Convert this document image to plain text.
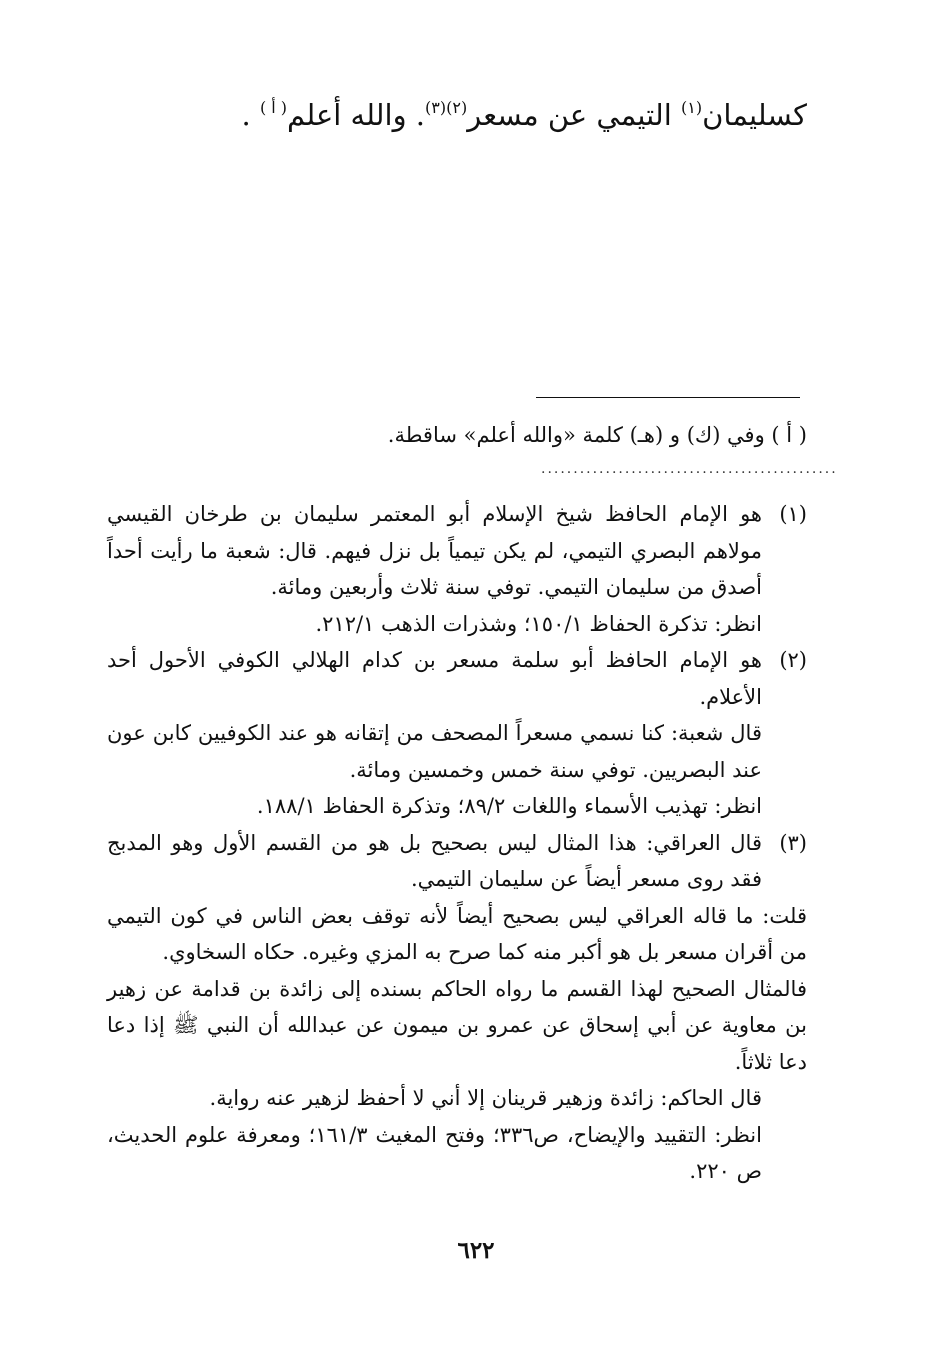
كسليمان$^{(١)}$ التيمي عن مسعر$^{(٢)(٣)}$. والله أعلم$^{( أ )}$ .
( أ ) وفي (ك) و (هـ) كلمة «والله أعلم» ساقطة.
..............................................
(١)

هو الإمام الحافظ شيخ الإسلام أبو المعتمر سليمان بن طرخان القيسي مولاهم البصري التيمي، لم يكن تيمياً بل نزل فيهم. قال: شعبة ما رأيت أحداً أصدق من سليمان التيمي. توفي سنة ثلاث وأربعين ومائة.

انظر: تذكرة الحفاظ ١٥٠/١؛ وشذرات الذهب ٢١٢/١.

(٢)

هو الإمام الحافظ أبو سلمة مسعر بن كدام الهلالي الكوفي الأحول أحد الأعلام.

قال شعبة: كنا نسمي مسعراً المصحف من إتقانه هو عند الكوفيين كابن عون عند البصريين. توفي سنة خمس وخمسين ومائة.

انظر: تهذيب الأسماء واللغات ٨٩/٢؛ وتذكرة الحفاظ ١٨٨/١.

(٣)

قال العراقي: هذا المثال ليس بصحيح بل هو من القسم الأول وهو المدبج فقد روى مسعر أيضاً عن سليمان التيمي.

قلت: ما قاله العراقي ليس بصحيح أيضاً لأنه توقف بعض الناس في كون التيمي من أقران مسعر بل هو أكبر منه كما صرح به المزي وغيره. حكاه السخاوي.

فالمثال الصحيح لهذا القسم ما رواه الحاكم بسنده إلى زائدة بن قدامة عن زهير بن معاوية عن أبي إسحاق عن عمرو بن ميمون عن عبدالله أن النبي ﷺ إذا دعا دعا ثلاثاً.

قال الحاكم: زائدة وزهير قرينان إلا أني لا أحفظ لزهير عنه رواية.

انظر: التقييد والإيضاح، ص٣٣٦؛ وفتح المغيث ١٦١/٣؛ ومعرفة علوم الحديث، ص ٢٢٠.

٦٢٢
